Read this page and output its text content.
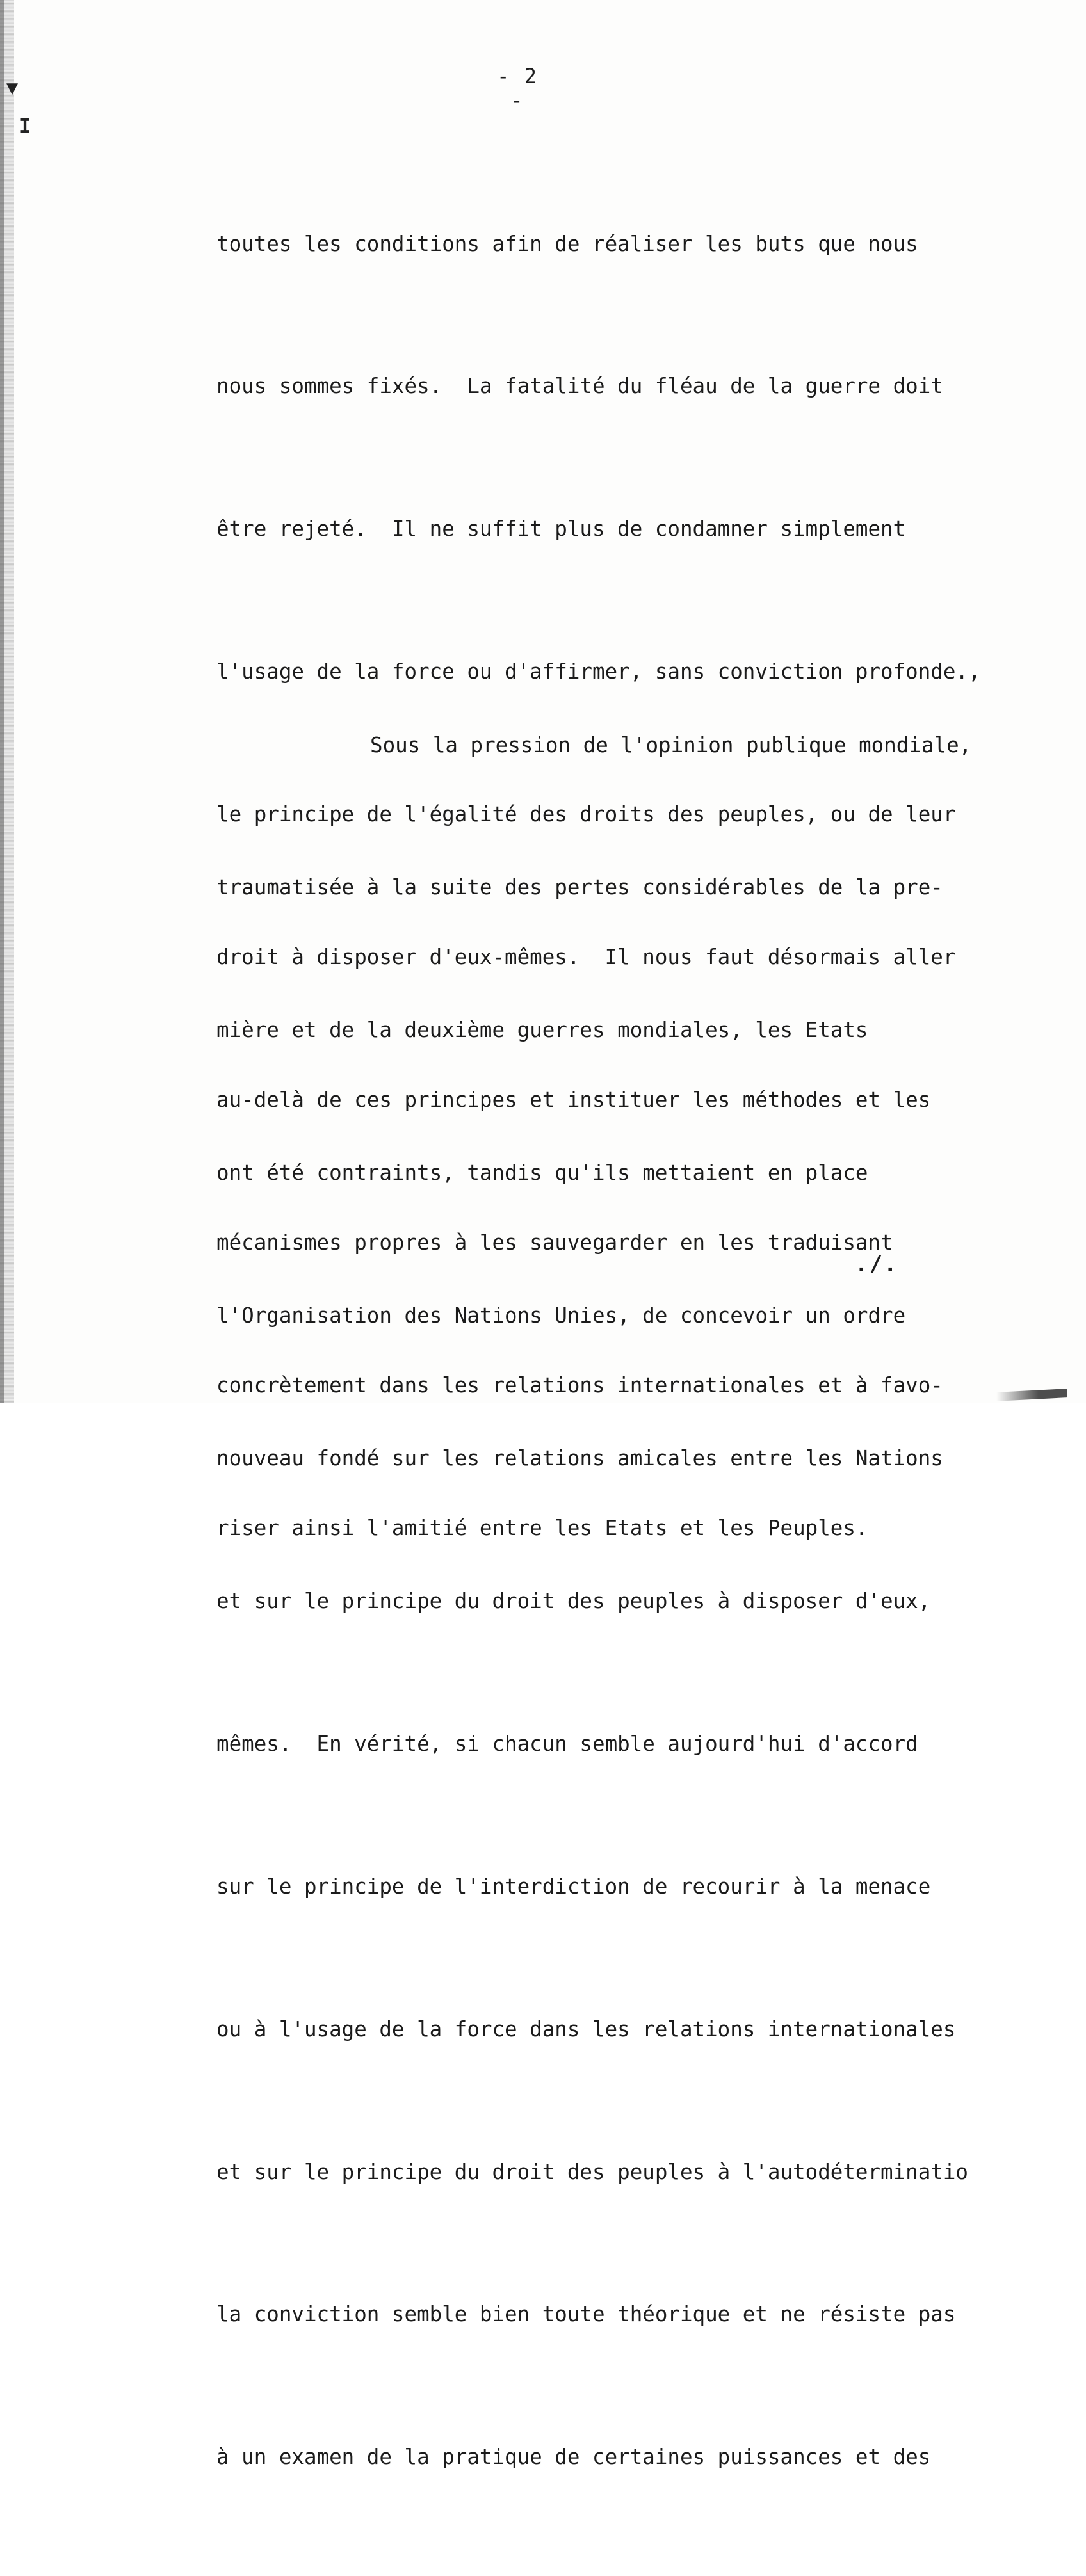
▼
I
- 2 -

toutes les conditions afin de réaliser les buts que nous

nous sommes fixés.  La fatalité du fléau de la guerre doit

être rejeté.  Il ne suffit plus de condamner simplement

l'usage de la force ou d'affirmer, sans conviction profonde.,

le principe de l'égalité des droits des peuples, ou de leur

droit à disposer d'eux-mêmes.  Il nous faut désormais aller

au-delà de ces principes et instituer les méthodes et les

mécanismes propres à les sauvegarder en les traduisant

concrètement dans les relations internationales et à favo-

riser ainsi l'amitié entre les Etats et les Peuples.

Sous la pression de l'opinion publique mondiale,

traumatisée à la suite des pertes considérables de la pre-

mière et de la deuxième guerres mondiales, les Etats

ont été contraints, tandis qu'ils mettaient en place

l'Organisation des Nations Unies, de concevoir un ordre

nouveau fondé sur les relations amicales entre les Nations

et sur le principe du droit des peuples à disposer d'eux,

mêmes.  En vérité, si chacun semble aujourd'hui d'accord

sur le principe de l'interdiction de recourir à la menace

ou à l'usage de la force dans les relations internationales

et sur le principe du droit des peuples à l'autodéterminatio

la conviction semble bien toute théorique et ne résiste pas

à un examen de la pratique de certaines puissances et des

./.
